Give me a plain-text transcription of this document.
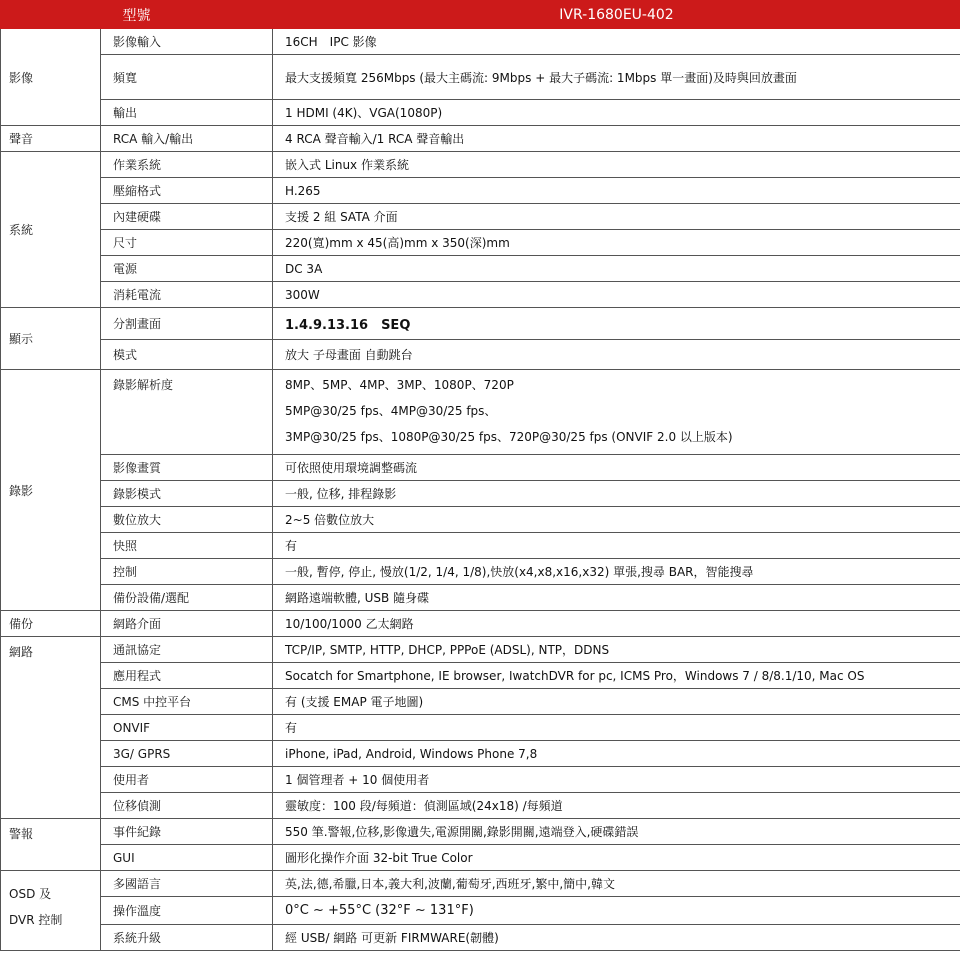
型號		IVR-1680EU-402
影像	影像輸入	16CH　IPC 影像
	頻寬	最大支援頻寬 256Mbps (最大主碼流: 9Mbps + 最大子碼流: 1Mbps 單一畫面)及時與回放畫面
	輸出	1 HDMI (4K)、VGA(1080P)
聲音	RCA 輸入/輸出	4 RCA 聲音輸入/1 RCA 聲音輸出
系統	作業系統	嵌入式 Linux 作業系統
	壓縮格式	H.265
	內建硬碟	支援 2 組 SATA 介面
	尺寸	220(寬)mm x 45(高)mm x 350(深)mm
	電源	DC 3A
	消耗電流	300W
顯示	分割畫面	1.4.9.13.16　SEQ
	模式	放大 子母畫面 自動跳台
錄影	錄影解析度	8MP、5MP、4MP、3MP、1080P、720P
5MP@30/25 fps、4MP@30/25 fps、
3MP@30/25 fps、1080P@30/25 fps、720P@30/25 fps (ONVIF 2.0 以上版本)

	影像畫質	可依照使用環境調整碼流
	錄影模式	一般, 位移, 排程錄影
	數位放大	2~5 倍數位放大
	快照	有
	控制	一般, 暫停, 停止, 慢放(1/2, 1/4, 1/8),快放(x4,x8,x16,x32) 單張,搜尋 BAR，智能搜尋
	備份設備/選配	網路遠端軟體, USB 隨身碟
備份	網路介面	10/100/1000 乙太網路
網路	通訊協定	TCP/IP, SMTP, HTTP, DHCP, PPPoE (ADSL), NTP，DDNS
	應用程式	Socatch for Smartphone, IE browser, IwatchDVR for pc, ICMS Pro，Windows 7 / 8/8.1/10, Mac OS
	CMS 中控平台	有 (支援 EMAP 電子地圖)
	ONVIF	有
	3G/ GPRS	iPhone, iPad, Android, Windows Phone 7,8
	使用者	1 個管理者 + 10 個使用者
	位移偵測	靈敏度：100 段/每頻道：偵測區域(24x18) /每頻道
警報	事件紀錄	550 筆.警報,位移,影像遺失,電源開關,錄影開關,遠端登入,硬碟錯誤
	GUI	圖形化操作介面 32-bit True Color
OSD 及 DVR 控制	多國語言	英,法,德,希臘,日本,義大利,波蘭,葡萄牙,西班牙,繁中,簡中,韓文
	操作溫度	0°C ~ +55°C (32°F ~ 131°F)
	系統升級	經 USB/ 網路 可更新 FIRMWARE(韌體)
